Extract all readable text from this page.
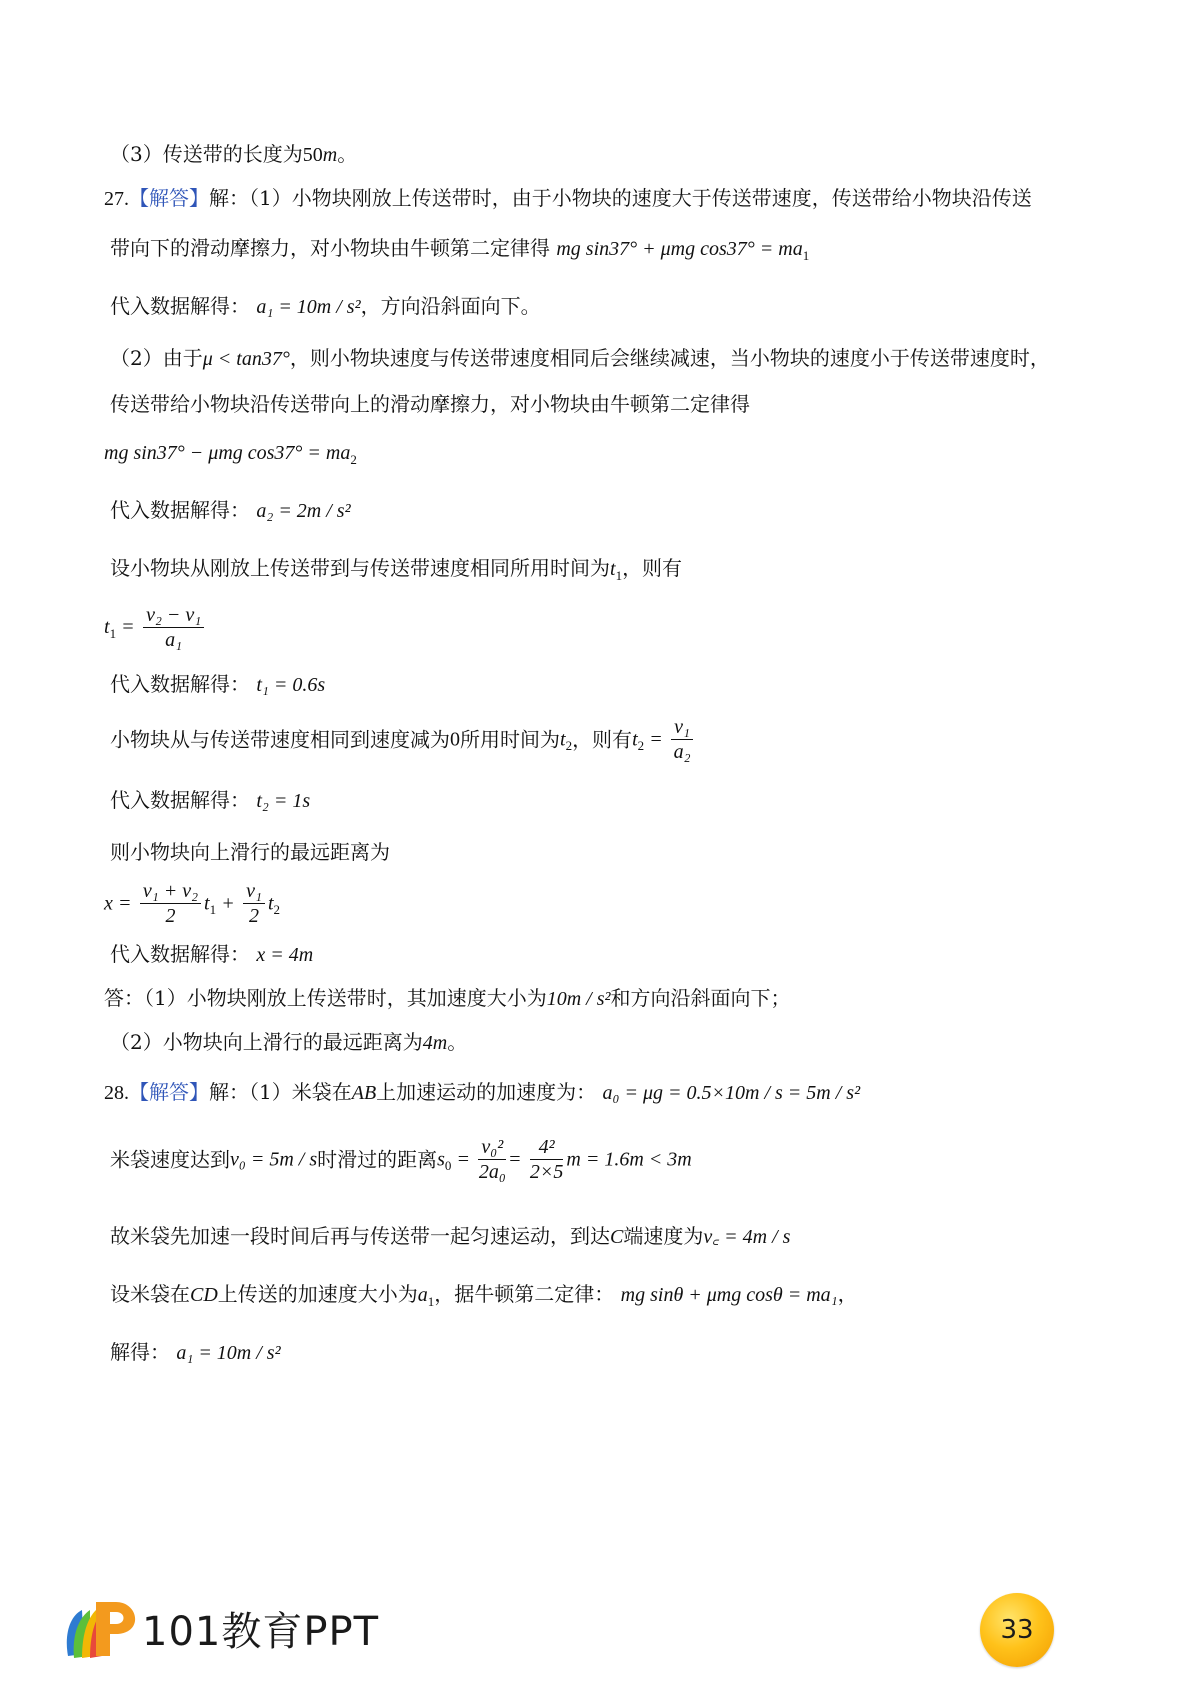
（3）传送带的长度为50m。
27.【解答】解：（1）小物块刚放上传送带时，由于小物块的速度大于传送带速度，传送带给小物块沿传送
带向下的滑动摩擦力，对小物块由牛顿第二定律得 mg sin37° + μmg $\cos 37^\circ = ma_1$
代入数据解得： a₁ = 10m / s²，方向沿斜面向下。
（2）由于μ < tan37°，则小物块速度与传送带速度相同后会继续减速，当小物块的速度小于传送带速度时，
传送带给小物块沿传送带向上的滑动摩擦力，对小物块由牛顿第二定律得
mg sin37° − μmg $\cos 37^\circ = ma_2$
代入数据解得： a₂ = 2m / s²
设小物块从刚放上传送带到与传送带速度相同所用时间为$t_1$，则有
$t_1 = \frac{\text{v₂ − v₁}}{\text{a₁}}$
代入数据解得： t₁ = 0.6s
小物块从与传送带速度相同到速度减为0所用时间为$t_2$，则有$t_2 = \frac{\text{v₁}}{\text{a₂}}$
代入数据解得： t₂ = 1s
则小物块向上滑行的最远距离为
$x = \frac{\text{v₁ + v₂}}{2} t_1 + \frac{\text{v₁}}{2} t_2$
代入数据解得： x = 4m
答：（1）小物块刚放上传送带时，其加速度大小为10m / s²和方向沿斜面向下；
（2）小物块向上滑行的最远距离为4m。
28.【解答】解：（1）米袋在AB上加速运动的加速度为： a₀ = μg = 0.5×10m / s = 5m / s²
米袋速度达到v₀ = 5m / s时滑过的距离$s_0 = \frac{\text{v₀²}}{\text{2a₀}} = \frac{\text{4²}}{2\times 5}$ m = 1.6m < 3m
故米袋先加速一段时间后再与传送带一起匀速运动，到达C端速度为v꜀ = 4m / s
设米袋在CD上传送的加速度大小为$a_1$，据牛顿第二定律： mg sinθ + μmg cosθ = ma₁，
解得： a₁ = 10m / s²
101教育PPT	33
